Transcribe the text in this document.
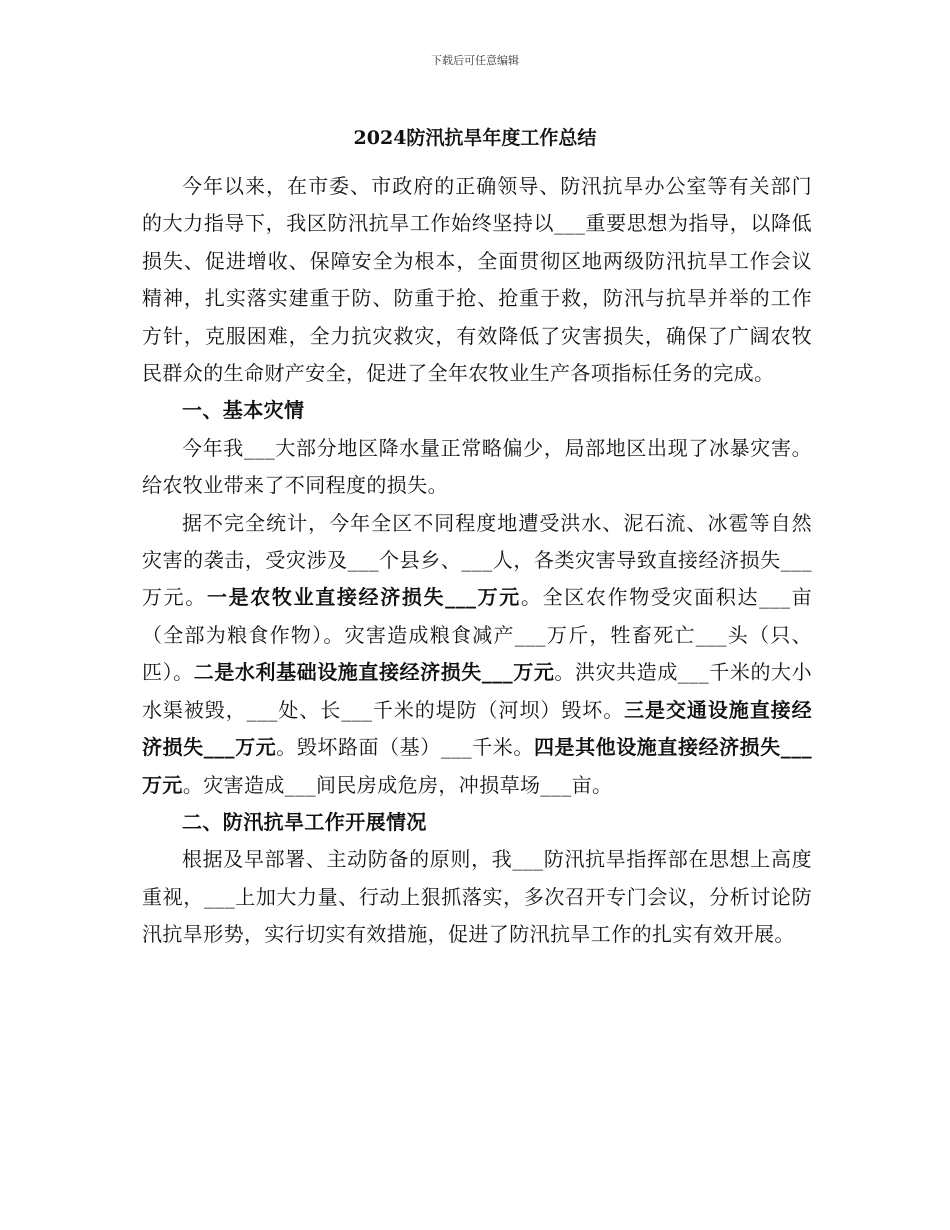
下载后可任意编辑
2024防汛抗旱年度工作总结

今年以来，在市委、市政府的正确领导、防汛抗旱办公室等有关部门的大力指导下，我区防汛抗旱工作始终坚持以___重要思想为指导，以降低损失、促进增收、保障安全为根本，全面贯彻区地两级防汛抗旱工作会议精神，扎实落实建重于防、防重于抢、抢重于救，防汛与抗旱并举的工作方针，克服困难，全力抗灾救灾，有效降低了灾害损失，确保了广阔农牧民群众的生命财产安全，促进了全年农牧业生产各项指标任务的完成。

一、基本灾情

今年我___大部分地区降水量正常略偏少，局部地区出现了冰暴灾害。给农牧业带来了不同程度的损失。

据不完全统计，今年全区不同程度地遭受洪水、泥石流、冰雹等自然灾害的袭击，受灾涉及___个县乡、___人，各类灾害导致直接经济损失___万元。一是农牧业直接经济损失___万元。全区农作物受灾面积达___亩（全部为粮食作物）。灾害造成粮食减产___万斤，牲畜死亡___头（只、匹）。二是水利基础设施直接经济损失___万元。洪灾共造成___千米的大小水渠被毁，___处、长___千米的堤防（河坝）毁坏。三是交通设施直接经济损失___万元。毁坏路面（基）___千米。四是其他设施直接经济损失___万元。灾害造成___间民房成危房，冲损草场___亩。

二、防汛抗旱工作开展情况

根据及早部署、主动防备的原则，我___防汛抗旱指挥部在思想上高度重视，___上加大力量、行动上狠抓落实，多次召开专门会议，分析讨论防汛抗旱形势，实行切实有效措施，促进了防汛抗旱工作的扎实有效开展。
